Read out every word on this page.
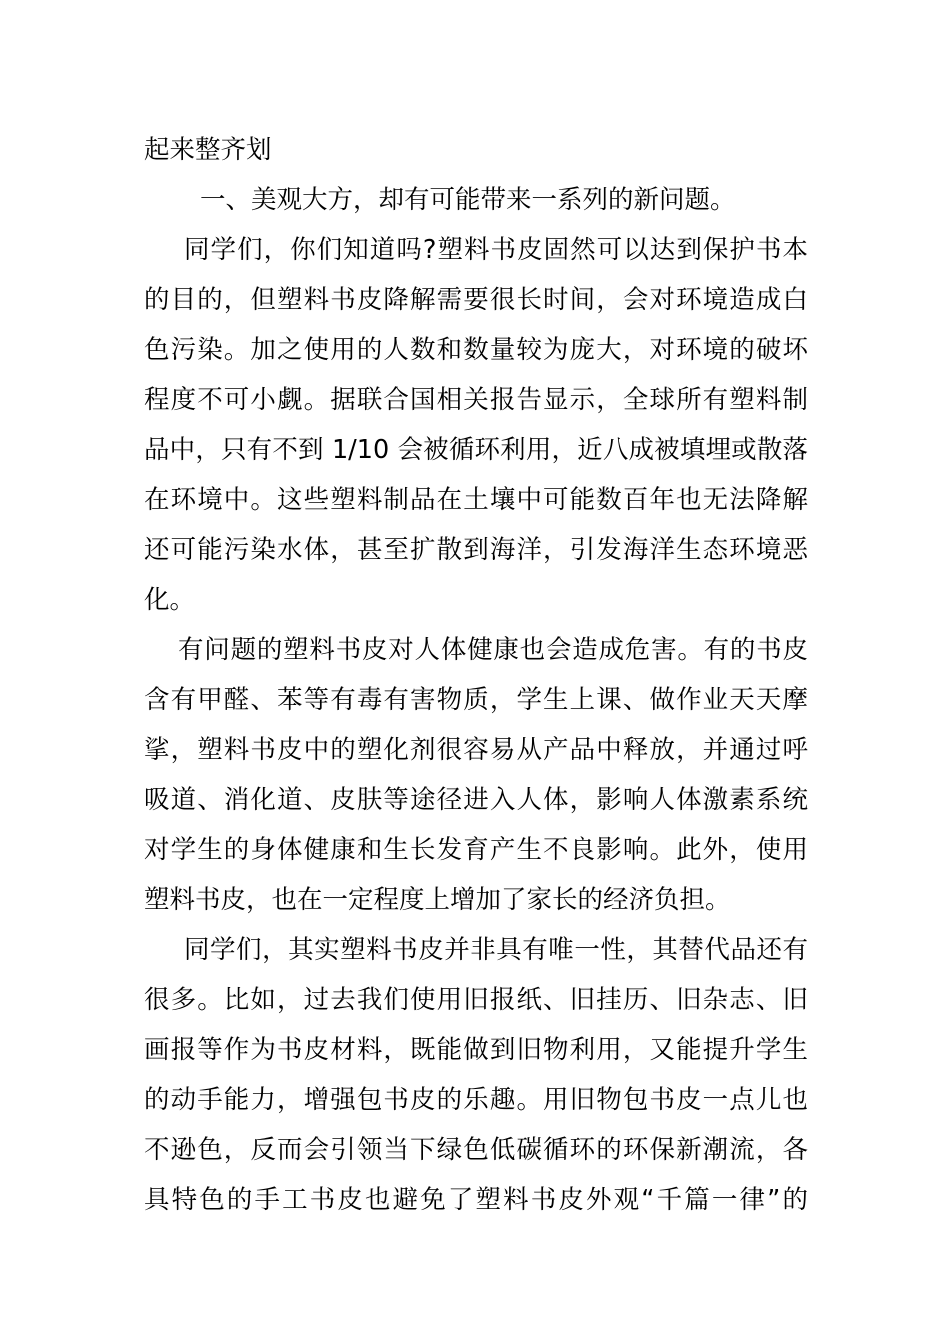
起来整齐划
一、美观大方，却有可能带来一系列的新问题。
同学们，你们知道吗?塑料书皮固然可以达到保护书本
的目的，但塑料书皮降解需要很长时间，会对环境造成白
色污染。加之使用的人数和数量较为庞大，对环境的破坏
程度不可小觑。据联合国相关报告显示，全球所有塑料制
品中，只有不到 1/10 会被循环利用，近八成被填埋或散落
在环境中。这些塑料制品在土壤中可能数百年也无法降解
还可能污染水体，甚至扩散到海洋，引发海洋生态环境恶
化。
有问题的塑料书皮对人体健康也会造成危害。有的书皮
含有甲醛、苯等有毒有害物质，学生上课、做作业天天摩
挲，塑料书皮中的塑化剂很容易从产品中释放，并通过呼
吸道、消化道、皮肤等途径进入人体，影响人体激素系统
对学生的身体健康和生长发育产生不良影响。此外，使用
塑料书皮，也在一定程度上增加了家长的经济负担。
同学们，其实塑料书皮并非具有唯一性，其替代品还有
很多。比如，过去我们使用旧报纸、旧挂历、旧杂志、旧
画报等作为书皮材料，既能做到旧物利用，又能提升学生
的动手能力，增强包书皮的乐趣。用旧物包书皮一点儿也
不逊色，反而会引领当下绿色低碳循环的环保新潮流，各
具特色的手工书皮也避免了塑料书皮外观“千篇一律”的
